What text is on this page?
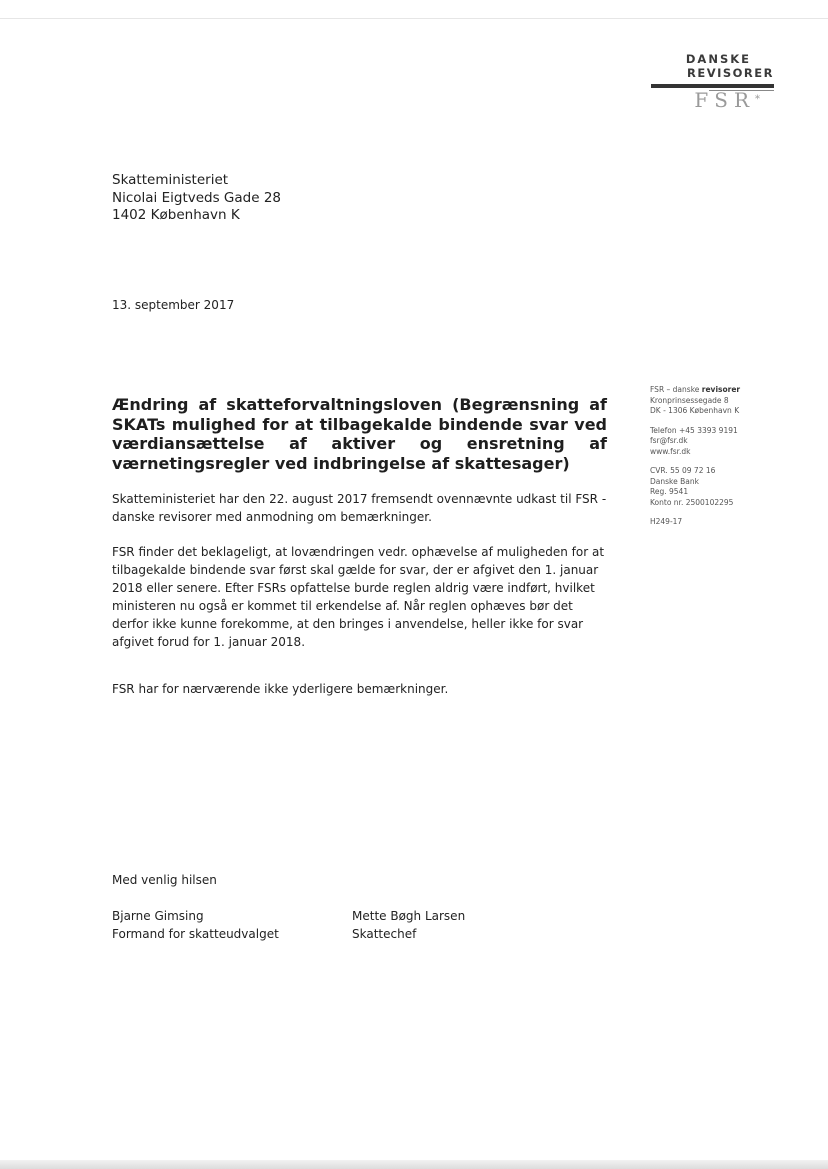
DANSKE
REVISORER
FSR*
Skatteministeriet
Nicolai Eigtveds Gade 28
1402 København K
13. september 2017
Ændring af skatteforvaltningsloven (Begrænsning af SKATs mulighed for at tilbagekalde bindende svar ved værdiansættelse af aktiver og ensretning af værnetingsregler ved indbringelse af skattesager)
Skatteministeriet har den 22. august 2017 fremsendt ovennævnte udkast til FSR - danske revisorer med anmodning om bemærkninger.
FSR finder det beklageligt, at lovændringen vedr. ophævelse af muligheden for at tilbagekalde bindende svar først skal gælde for svar, der er afgivet den 1. januar 2018 eller senere. Efter FSRs opfattelse burde reglen aldrig være indført, hvilket ministeren nu også er kommet til erkendelse af. Når reglen ophæves bør det derfor ikke kunne forekomme, at den bringes i anvendelse, heller ikke for svar afgivet forud for 1. januar 2018.
FSR har for nærværende ikke yderligere bemærkninger.
Med venlig hilsen
Bjarne Gimsing
Formand for skatteudvalget
Mette Bøgh Larsen
Skattechef
FSR – danske revisorer
Kronprinsessegade 8
DK - 1306 København K
Telefon +45 3393 9191
fsr@fsr.dk
www.fsr.dk
CVR. 55 09 72 16
Danske Bank
Reg. 9541
Konto nr. 2500102295
H249-17
